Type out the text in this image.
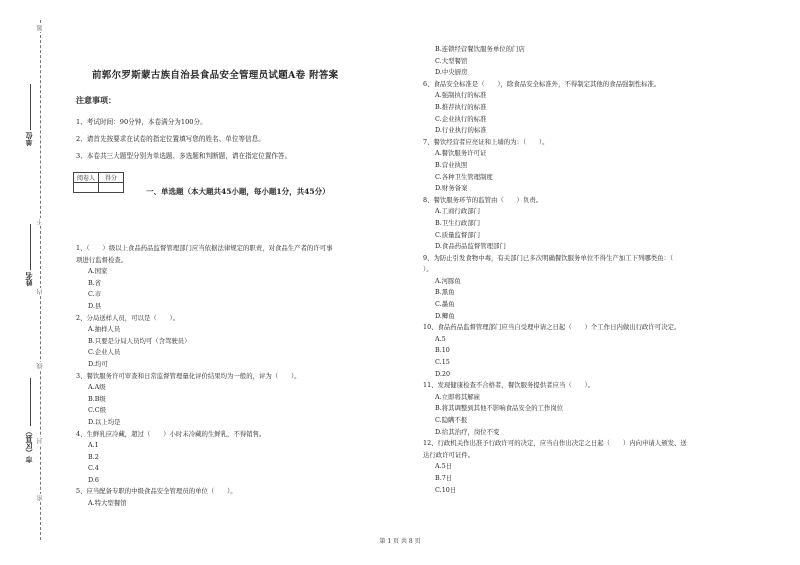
题
不
内
线
封
密
单位
姓名
市（区县）
前郭尔罗斯蒙古族自治县食品安全管理员试题A卷 附答案
注意事项：
1、考试时间：90分钟，本卷满分为100分。
2、请首先按要求在试卷的指定位置填写您的姓名、单位等信息。
3、本卷共三大题型分别为单选题、多选题和判断题，请在指定位置作答。
阅卷人	得分

一、单选题（本大题共45小题，每小题1分，共45分）
1、（　　）级以上食品药品监督管理部门应当依据法律规定的职责，对食品生产者的许可事
项进行监督检查。
A.国家
B.省
C.市
D.县
2、分局送样人员，可以是（　　）。
A.抽样人员
B.只要是分局人员均可（含驾驶员）
C.企业人员
D.均可
3、餐饮服务许可审查和日常监督管理量化评价结果均为一般的，评为（　　）。
A.A级
B.B级
C.C级
D.以上均是
4、生鲜乳应冷藏，超过（　　）小时未冷藏的生鲜乳，不得销售。
A.1
B.2
C.4
D.6
5、应当配备专职的中级食品安全管理员的单位（　　）。
A.特大型餐馆
B.连锁经营餐饮服务单位的门店
C.大型餐馆
D.中央厨房
6、食品安全标准是（　　），除食品安全标准外，不得制定其他的食品强制性标准。
A.强制执行的标准
B.推荐执行的标准
C.企业执行的标准
D.行业执行的标准
7、餐饮经营者应亮证和上墙的为：（　　）。
A.餐饮服务许可证
B.营业执照
C.各种卫生管理制度
D.财务备案
8、餐饮服务环节的监管由（　　）负责。
A.工商行政部门
B.卫生行政部门
C.质量监督部门
D.食品药品监督管理部门
9、为防止引发食物中毒，有关部门已多次明确餐饮服务单位不得生产加工下列哪类鱼：（
）。
A.河豚鱼
B.黑鱼
C.墨鱼
D.鲫鱼
10、食品药品监督管理部门应当自受理申请之日起（　　）个工作日内做出行政许可决定。
A.5
B.10
C.15
D.20
11、发现健康检查不合格者，餐饮服务提供者应当（　　）。
A.立即将其解雇
B.将其调整到其他不影响食品安全的工作岗位
C.隐瞒不报
D.给其治疗，岗位不变
12、行政机关作出准予行政许可的决定，应当自作出决定之日起（　　）内向申请人颁发、送
达行政许可证件。
A.5日
B.7日
C.10日
第 1 页 共 8 页
